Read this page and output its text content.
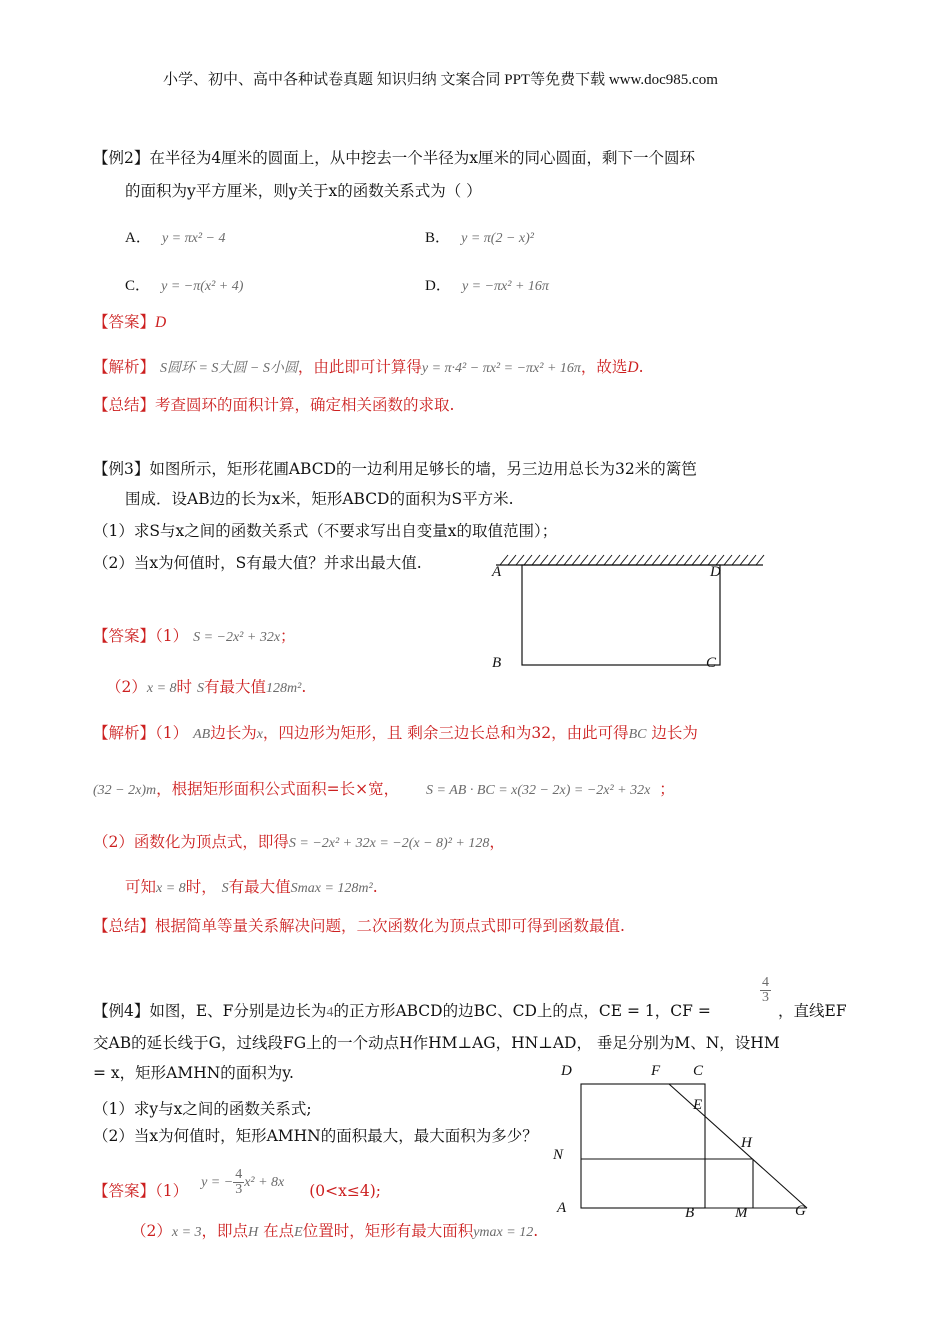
小学、初中、高中各种试卷真题 知识归纳 文案合同 PPT等免费下载 www.doc985.com
【例2】在半径为4厘米的圆面上，从中挖去一个半径为x厘米的同心圆面，剩下一个圆环
的面积为y平方厘米，则y关于x的函数关系式为（ ）
A． y = πx² − 4	B． y = π(2 − x)²
C． y = −π(x² + 4)	D． y = −πx² + 16π
【答案】D
【解析】 S圆环 = S大圆 − S小圆，由此即可计算得y = π·4² − πx² = −πx² + 16π，故选D.
【总结】考查圆环的面积计算，确定相关函数的求取.
【例3】如图所示，矩形花圃ABCD的一边利用足够长的墙，另三边用总长为32米的篱笆
围成．设AB边的长为x米，矩形ABCD的面积为S平方米.
（1）求S与x之间的函数关系式（不要求写出自变量x的取值范围）；
（2）当x为何值时，S有最大值？并求出最大值.	A	D
B	C
【答案】（1） S = −2x² + 32x；
（2）x = 8时 S有最大值128m².
【解析】（1） AB边长为x，四边形为矩形，且 剩余三边长总和为32，由此可得BC 边长为
(32 − 2x)m，根据矩形面积公式面积=长×宽， S = AB · BC = x(32 − 2x) = −2x² + 32x ；
（2）函数化为顶点式，即得S = −2x² + 32x = −2(x − 8)² + 128，
可知x = 8时， S有最大值Smax = 128m².
【总结】根据简单等量关系解决问题，二次函数化为顶点式即可得到函数最值.
【例4】如图，E、F分别是边长为4的正方形ABCD的边BC、CD上的点，CE = 1，CF =
$\frac{4}{3}$
，直线EF
交AB的延长线于G，过线段FG上的一个动点H作HM⊥AG，HN⊥AD， 垂足分别为M、N，设HM
= x，矩形AMHN的面积为y.
（1）求y与x之间的函数关系式;
（2）当x为何值时，矩形AMHN的面积最大，最大面积为多少？
D	F C
E
H
N
A	B	M	G
【答案】（1） y = − $\frac{4}{3} x^2 + 8x$ (0<x≤4);
（2）x = 3，即点H 在点E位置时，矩形有最大面积ymax = 12.
